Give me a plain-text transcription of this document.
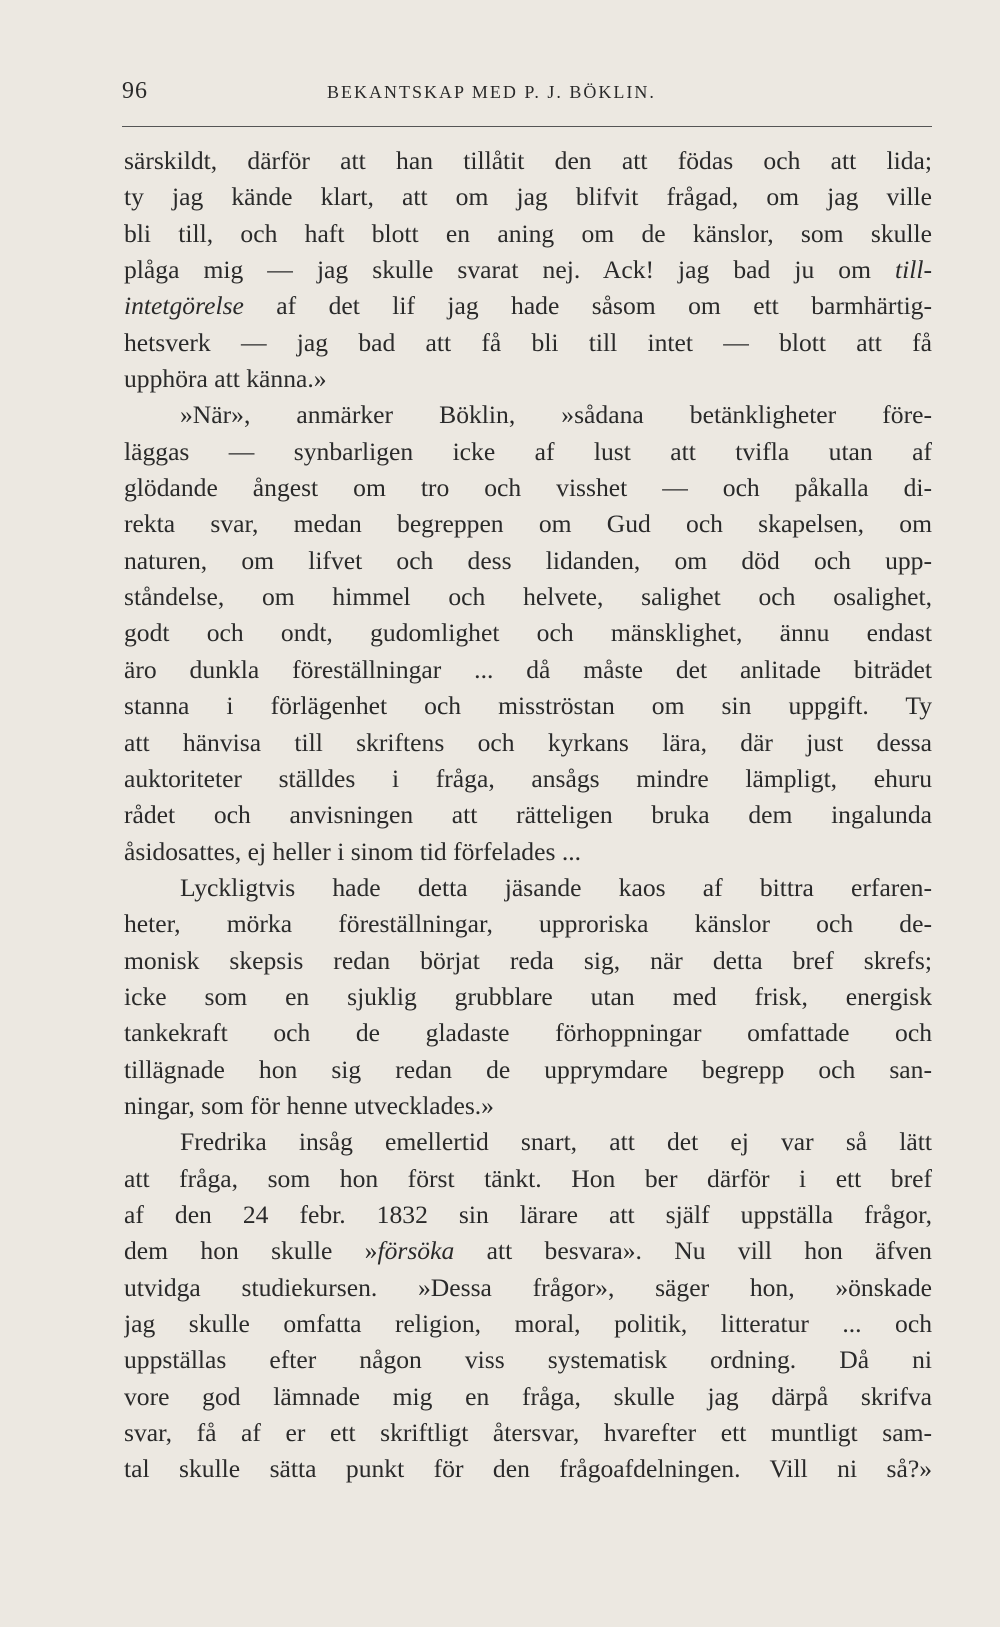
96	BEKANTSKAP MED P. J. BÖKLIN.
särskildt, därför att han tillåtit den att födas och att lida;
ty jag kände klart, att om jag blifvit frågad, om jag ville
bli till, och haft blott en aning om de känslor, som skulle
plåga mig — jag skulle svarat nej. Ack! jag bad ju om till-
intetgörelse af det lif jag hade såsom om ett barmhärtig-
hetsverk — jag bad att få bli till intet — blott att få
upphöra att känna.»
»När», anmärker Böklin, »sådana betänkligheter före-
läggas — synbarligen icke af lust att tvifla utan af
glödande ångest om tro och visshet — och påkalla di-
rekta svar, medan begreppen om Gud och skapelsen, om
naturen, om lifvet och dess lidanden, om död och upp-
ståndelse, om himmel och helvete, salighet och osalighet,
godt och ondt, gudomlighet och mänsklighet, ännu endast
äro dunkla föreställningar ... då måste det anlitade biträdet
stanna i förlägenhet och misströstan om sin uppgift. Ty
att hänvisa till skriftens och kyrkans lära, där just dessa
auktoriteter ställdes i fråga, ansågs mindre lämpligt, ehuru
rådet och anvisningen att rätteligen bruka dem ingalunda
åsidosattes, ej heller i sinom tid förfelades ...
Lyckligtvis hade detta jäsande kaos af bittra erfaren-
heter, mörka föreställningar, upproriska känslor och de-
monisk skepsis redan börjat reda sig, när detta bref skrefs;
icke som en sjuklig grubblare utan med frisk, energisk
tankekraft och de gladaste förhoppningar omfattade och
tillägnade hon sig redan de upprymdare begrepp och san-
ningar, som för henne utvecklades.»
Fredrika insåg emellertid snart, att det ej var så lätt
att fråga, som hon först tänkt. Hon ber därför i ett bref
af den 24 febr. 1832 sin lärare att själf uppställa frågor,
dem hon skulle »försöka att besvara». Nu vill hon äfven
utvidga studiekursen. »Dessa frågor», säger hon, »önskade
jag skulle omfatta religion, moral, politik, litteratur ... och
uppställas efter någon viss systematisk ordning. Då ni
vore god lämnade mig en fråga, skulle jag därpå skrifva
svar, få af er ett skriftligt återsvar, hvarefter ett muntligt sam-
tal skulle sätta punkt för den frågoafdelningen. Vill ni så?»
